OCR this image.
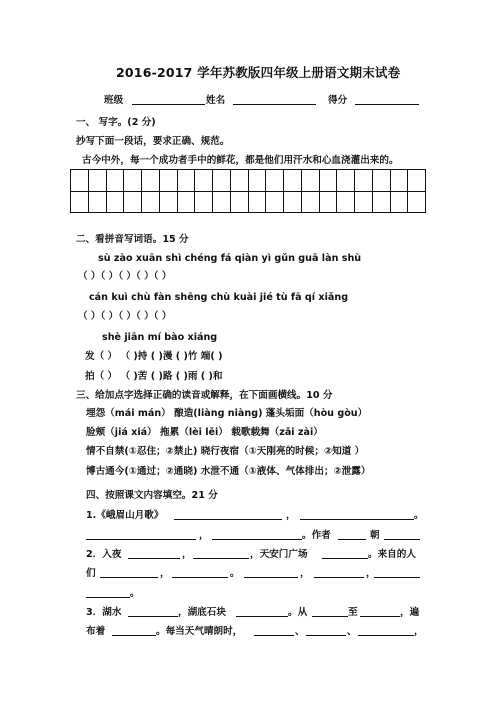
2016-2017 学年苏教版四年级上册语文期末试卷
班级	姓名	得分
一、 写字。(2 分)
抄写下面一段话，要求正确、规范。
古今中外，每一个成功者手中的鲜花，都是他们用汗水和心血浇灌出来的。
二、看拼音写词语。15 分
sù zào xuān shì chéng fá qiàn yì gǔn guā làn shù
（ ）（ ）（ ）（ ）（ ）
cán kuì chù fàn shēng chù kuài jié tù fā qí xiǎng
（ ）（ ）（ ）（ ）（ ）
shè jiān mí bào xiáng
发（ ） （ )持 ( )漫 ( )竹 端( )
拍（ ） （ )苦 ( )路 ( )雨 ( )和
三、给加点字选择正确的读音或解释，在下面画横线。10 分
埋怨（mái mán） 酿造(liàng niàng) 蓬头垢面（hòu gòu）
脸颊（jiá xiá） 拖累（lèi lěi） 载歌载舞（zǎi zài）
情不自禁(①忍住；②禁止) 晓行夜宿（①天刚亮的时候；②知道 ）
博古通今(①通过；②通晓) 水泄不通（①液体、气体排出；②泄露）
四、按照课文内容填空。21 分
1.《峨眉山月歌》	，	。
，	。作者	朝
2．入夜	，	，天安门广场	。来自的人
们	，	。	，	，
。
3．湖水	，湖底石块	。从	至	，遍
布着	。每当天气晴朗时，	、	、	，
